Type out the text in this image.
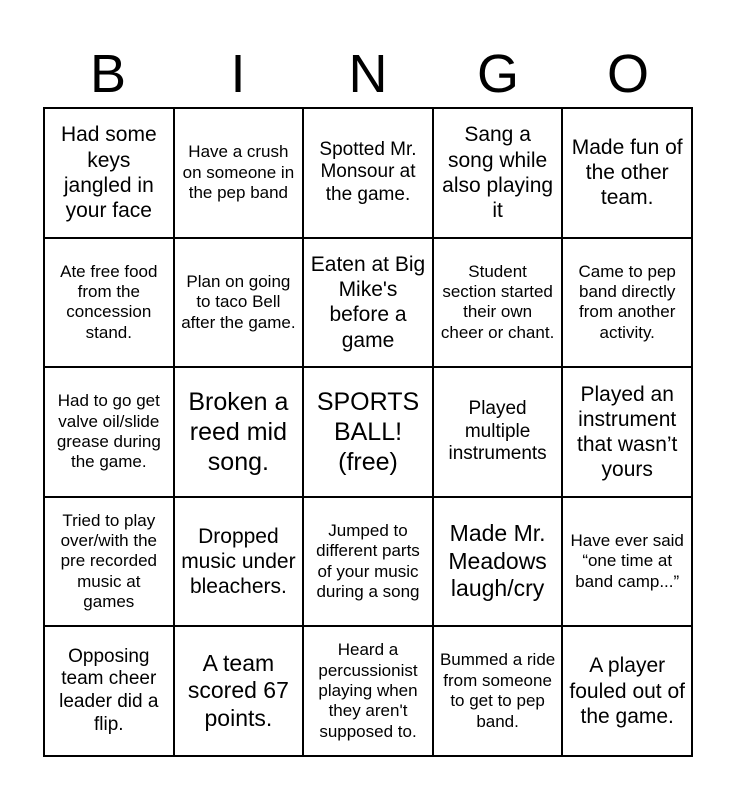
B	I	N	G	O
Had some keys jangled in your face
Have a crush on someone in the pep band
Spotted Mr. Monsour at the game.
Sang a song while also playing it
Made fun of the other team.
Ate free food from the concession stand.
Plan on going to taco Bell after the game.
Eaten at Big Mike's before a game
Student section started their own cheer or chant.
Came to pep band directly from another activity.
Had to go get valve oil/slide grease during the game.
Broken a reed mid song.
SPORTS BALL! (free)
Played multiple instruments
Played an instrument that wasn’t yours
Tried to play over/with the pre recorded music at games
Dropped music under bleachers.
Jumped to different parts of your music during a song
Made Mr. Meadows laugh/cry
Have ever said “one time at band camp...”
Opposing team cheer leader did a flip.
A team scored 67 points.
Heard a percussionist playing when they aren't supposed to.
Bummed a ride from someone to get to pep band.
A player fouled out of the game.
